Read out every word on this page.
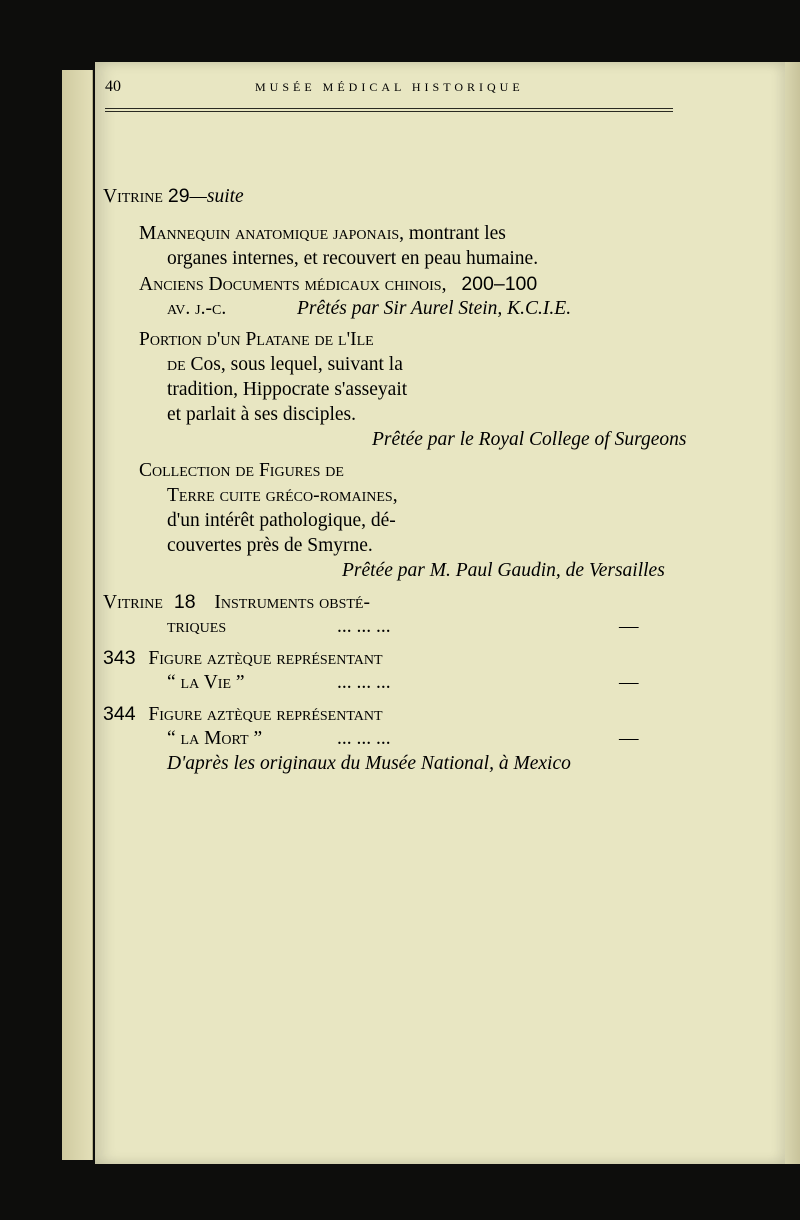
40	MUSÉE MÉDICAL HISTORIQUE
Vitrine 29—suite
Mannequin anatomique japonais, montrant les
organes internes, et recouvert en peau humaine.
Anciens Documents médicaux chinois, 200–100
av. j.-c.	Prêtés par Sir Aurel Stein, K.C.I.E.
Portion d'un Platane de l'Ile
de Cos, sous lequel, suivant la
tradition, Hippocrate s'asseyait
et parlait à ses disciples.
Prêtée par le Royal College of Surgeons
Collection de Figures de
Terre cuite gréco-romaines,
d'un intérêt pathologique, dé-
couvertes près de Smyrne.
Prêtée par M. Paul Gaudin, de Versailles
Vitrine 18 Instruments obsté-
triques	... ... ...	—
343 Figure aztèque représentant
“ la Vie ”	... ... ...	—
344 Figure aztèque représentant
“ la Mort ”	... ... ...	—
D'après les originaux du Musée National, à Mexico
